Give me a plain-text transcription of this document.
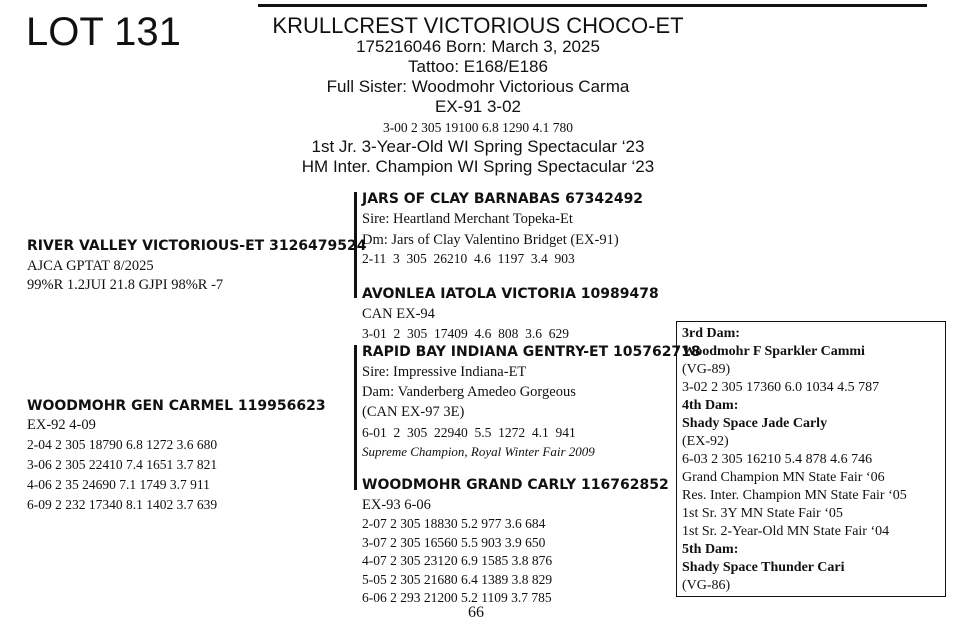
LOT 131	KRULLCREST VICTORIOUS CHOCO-ET
175216046 Born: March 3, 2025
Tattoo: E168/E186
Full Sister: Woodmohr Victorious Carma
EX-91 3-02
3-00 2 305 19100 6.8 1290 4.1 780
1st Jr. 3-Year-Old WI Spring Spectacular ‘23
HM Inter. Champion WI Spring Spectacular ‘23
RIVER VALLEY VICTORIOUS-ET 3126479524
AJCA GPTAT 8/2025
99%R 1.2JUI 21.8 GJPI 98%R -7
WOODMOHR GEN CARMEL 119956623
EX-92 4-09
2-04 2 305 18790 6.8 1272 3.6 680
3-06 2 305 22410 7.4 1651 3.7 821
4-06 2 35 24690 7.1 1749 3.7 911
6-09 2 232 17340 8.1 1402 3.7 639
JARS OF CLAY BARNABAS 67342492
Sire: Heartland Merchant Topeka-Et
Dm: Jars of Clay Valentino Bridget (EX-91)
2-11  3  305  26210  4.6  1197  3.4  903
AVONLEA IATOLA VICTORIA 10989478
CAN EX-94
3-01  2  305  17409  4.6  808  3.6  629
RAPID BAY INDIANA GENTRY-ET 105762718
Sire: Impressive Indiana-ET
Dam: Vanderberg Amedeo Gorgeous
(CAN EX-97 3E)
6-01  2  305  22940  5.5  1272  4.1  941
Supreme Champion, Royal Winter Fair 2009
WOODMOHR GRAND CARLY 116762852
EX-93 6-06
2-07 2 305 18830 5.2 977 3.6 684
3-07 2 305 16560 5.5 903 3.9 650
4-07 2 305 23120 6.9 1585 3.8 876
5-05 2 305 21680 6.4 1389 3.8 829
6-06 2 293 21200 5.2 1109 3.7 785
3rd Dam:
Woodmohr F Sparkler Cammi
(VG-89)
3-02 2 305 17360 6.0 1034 4.5 787
4th Dam:
Shady Space Jade Carly
(EX-92)
6-03 2 305 16210 5.4 878 4.6 746
Grand Champion MN State Fair ‘06
Res. Inter. Champion MN State Fair ‘05
1st Sr. 3Y MN State Fair ‘05
1st Sr. 2-Year-Old MN State Fair ‘04
5th Dam:
Shady Space Thunder Cari
(VG-86)
66
